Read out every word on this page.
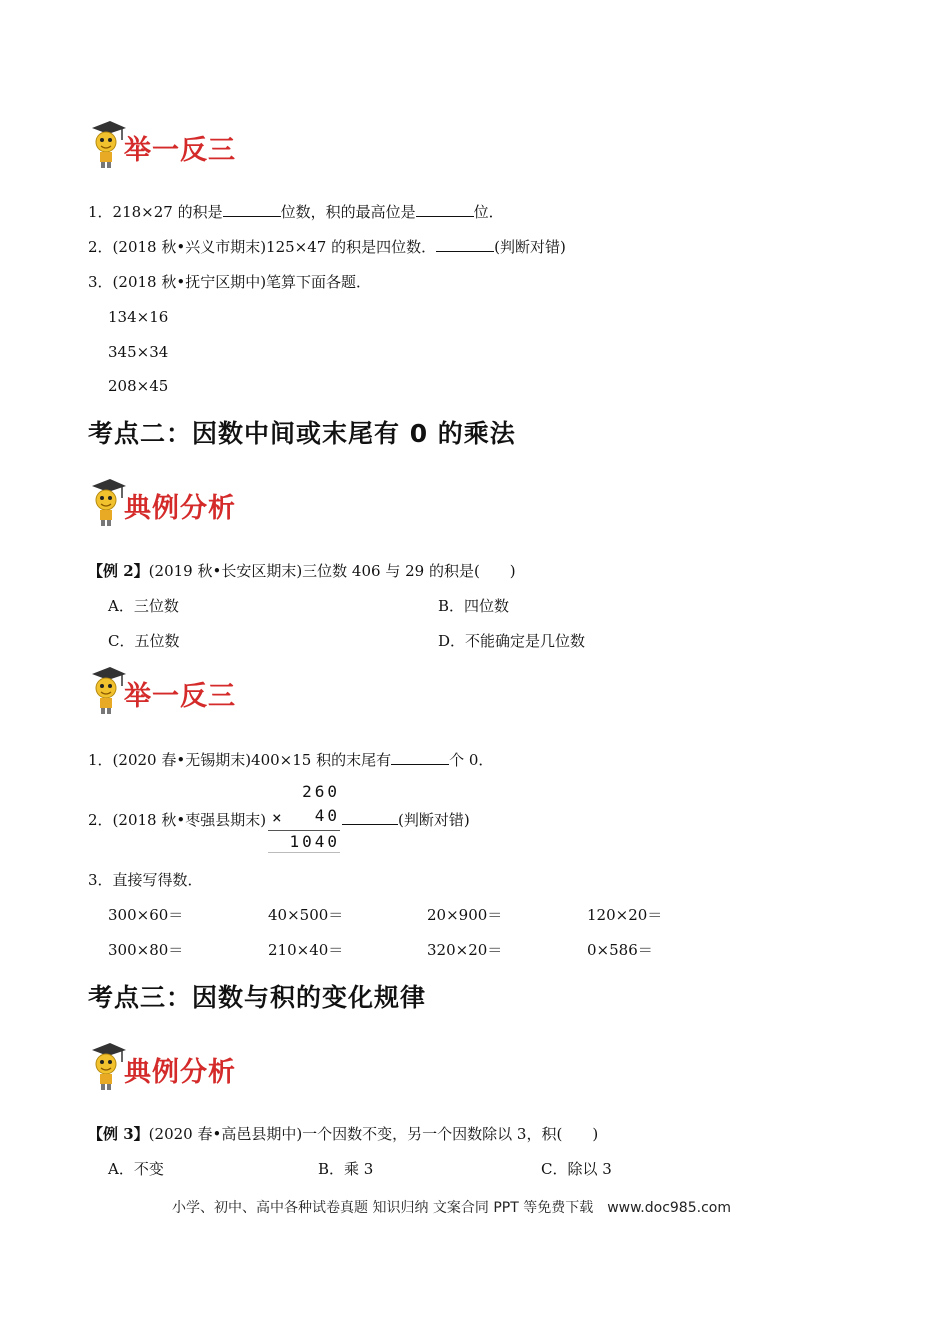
举一反三
1．218×27 的积是	位数，积的最高位是	位．
2．(2018 秋•兴义市期末)125×47 的积是四位数．	(判断对错)
3．(2018 秋•抚宁区期中)笔算下面各题．
134×16
345×34
208×45
考点二：因数中间或末尾有 0 的乘法
典例分析
【例 2】(2019 秋•长安区期末)三位数 406 与 29 的积是(　　)
A．三位数	B．四位数
C．五位数	D．不能确定是几位数
举一反三
1．(2020 春•无锡期末)400×15 积的末尾有	个 0．
2．(2018 秋•枣强县期末)
260
× 40
1040
(判断对错)
3．直接写得数．
300×60＝	40×500＝	20×900＝	120×20＝
300×80＝	210×40＝	320×20＝	0×586＝
考点三：因数与积的变化规律
典例分析
【例 3】(2020 春•高邑县期中)一个因数不变，另一个因数除以 3，积(　　)
A．不变	B．乘 3	C．除以 3
小学、初中、高中各种试卷真题 知识归纳 文案合同 PPT 等免费下载　www.doc985.com
